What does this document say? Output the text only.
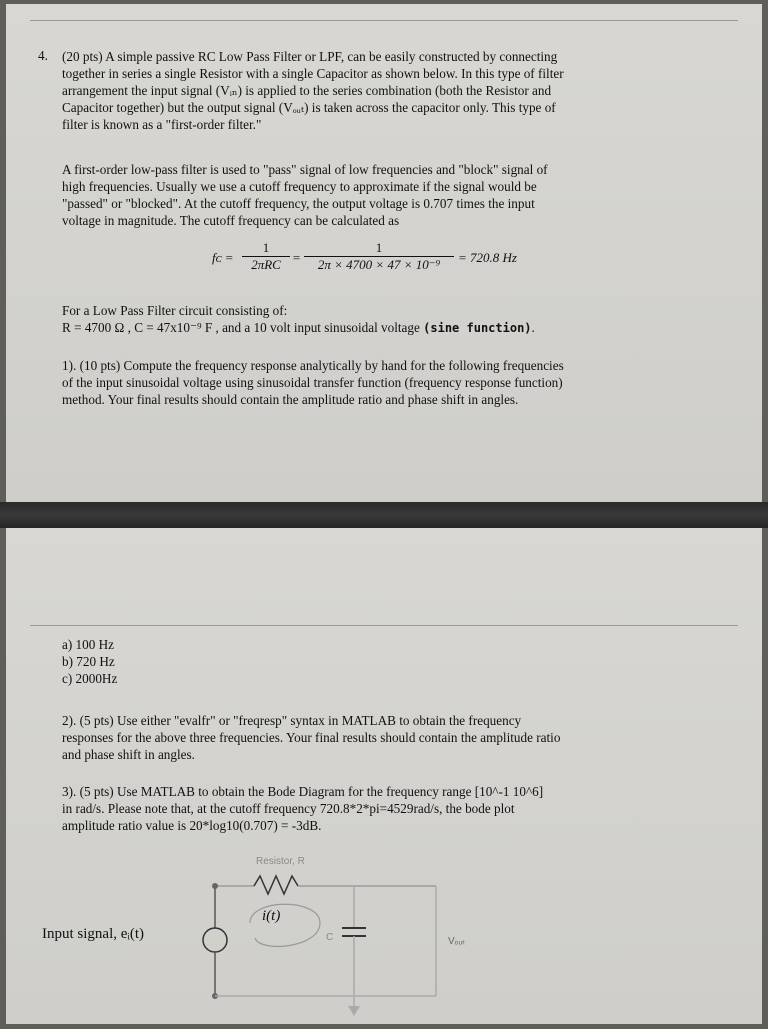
4. (20 pts) A simple passive RC Low Pass Filter or LPF, can be easily constructed by connecting
together in series a single Resistor with a single Capacitor as shown below. In this type of filter
arrangement the input signal (Vᵢₙ) is applied to the series combination (both the Resistor and
Capacitor together) but the output signal (Vₒᵤₜ) is taken across the capacitor only. This type of
filter is known as a "first-order filter."
A first-order low-pass filter is used to "pass" signal of low frequencies and "block" signal of
high frequencies. Usually we use a cutoff frequency to approximate if the signal would be
"passed" or "blocked". At the cutoff frequency, the output voltage is 0.707 times the input
voltage in magnitude. The cutoff frequency can be calculated as
fᴄ =
1
$2\pi RC = \frac{1}{\text{2π × 4700 × 47 × 10⁻⁹}} = 720.8$ Hz
For a Low Pass Filter circuit consisting of:
R = 4700 Ω , C = 47x10⁻⁹ F , and a 10 volt input sinusoidal voltage (sine function).
1). (10 pts) Compute the frequency response analytically by hand for the following frequencies
of the input sinusoidal voltage using sinusoidal transfer function (frequency response function)
method. Your final results should contain the amplitude ratio and phase shift in angles.
a) 100 Hz
b) 720 Hz
c) 2000Hz
2). (5 pts) Use either "evalfr" or "freqresp" syntax in MATLAB to obtain the frequency
responses for the above three frequencies. Your final results should contain the amplitude ratio
and phase shift in angles.
3). (5 pts) Use MATLAB to obtain the Bode Diagram for the frequency range [10^-1 10^6]
in rad/s. Please note that, at the cutoff frequency 720.8*2*pi=4529rad/s, the bode plot
amplitude ratio value is 20*log10(0.707) = -3dB.
Resistor, R
i(t)
C	Vₒᵤₜ
Input signal, eᵢ(t)
